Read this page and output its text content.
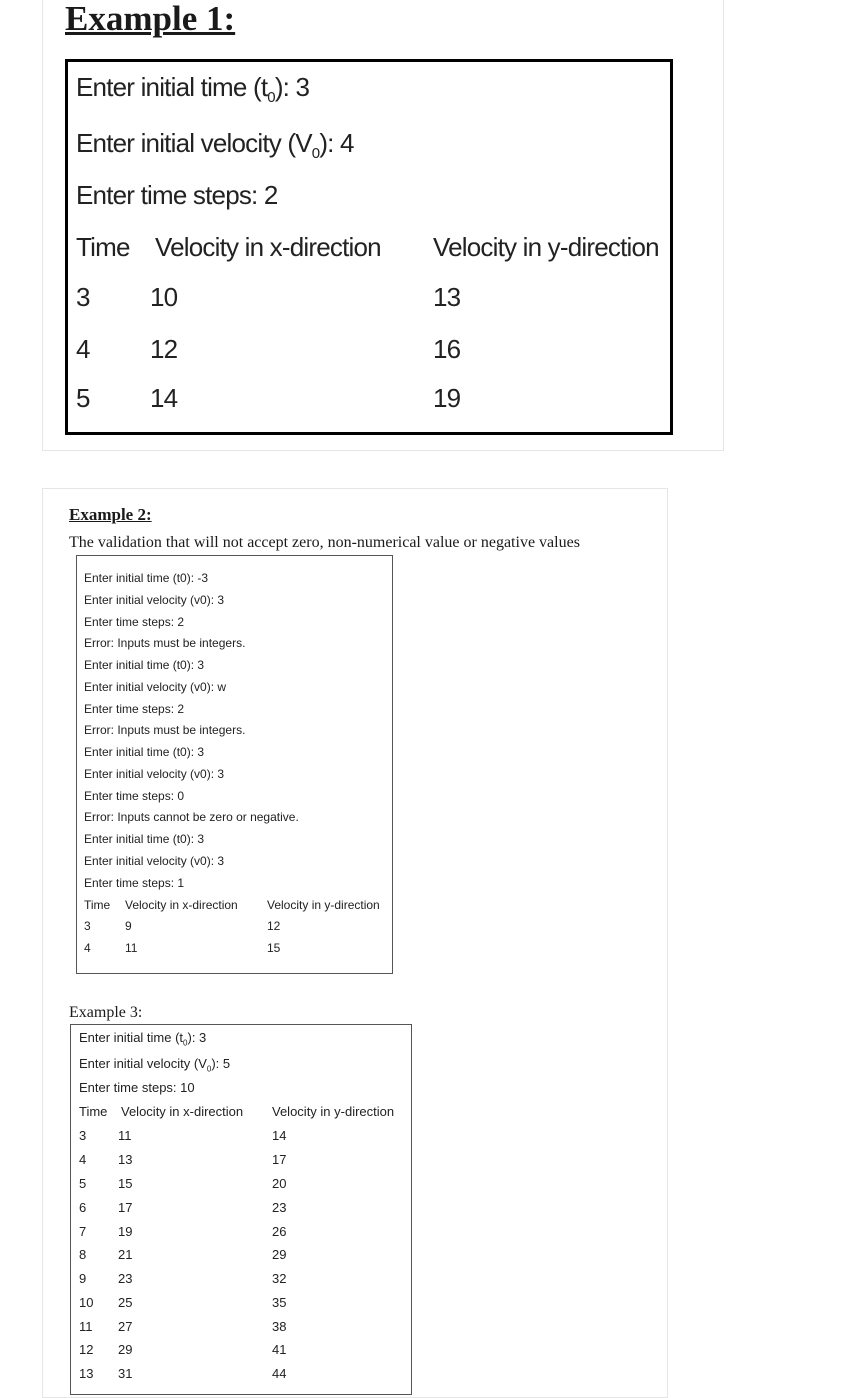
Example 1:
Enter initial time $(t_0)$: 3
Enter initial velocity $(V_0)$: 4
Enter time steps: 2
Time Velocity in x-direction Velocity in y-direction
3 10	13
4 12	16
5 14	19
Example 2:
The validation that will not accept zero, non-numerical value or negative values
Enter initial time (t0): -3
Enter initial velocity (v0): 3
Enter time steps: 2
Error: Inputs must be integers.
Enter initial time (t0): 3
Enter initial velocity (v0): w
Enter time steps: 2
Error: Inputs must be integers.
Enter initial time (t0): 3
Enter initial velocity (v0): 3
Enter time steps: 0
Error: Inputs cannot be zero or negative.
Enter initial time (t0): 3
Enter initial velocity (v0): 3
Enter time steps: 1
Time Velocity in x-direction Velocity in y-direction
3	9	12
4	11	15
Example 3:
Enter initial time $(t_0)$: 3
Enter initial velocity $(V_0)$: 5
Enter time steps: 10
Time Velocity in x-direction Velocity in y-direction
3 11	14
4 13	17
5 15	20
6 17	23
7 19	26
8 21	29
9 23	32
10 25	35
11 27	38
12 29	41
13 31	44
